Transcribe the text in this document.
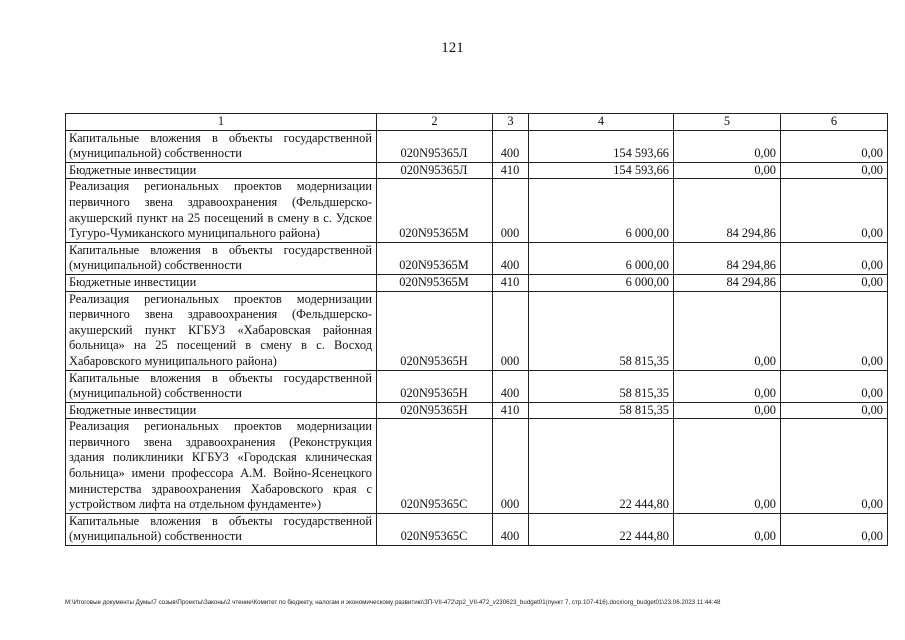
121
1	2	3	4	5	6
Капитальные вложения в объекты государственной (муниципальной) собственности	020N95365Л	400	154 593,66	0,00	0,00
Бюджетные инвестиции	020N95365Л	410	154 593,66	0,00	0,00
Реализация региональных проектов модернизации первичного звена здравоохранения (Фельдшерско-акушерский пункт на 25 посещений в смену в с. Удское Тугуро-Чумиканского муниципального района)	020N95365М	000	6 000,00	84 294,86	0,00
Капитальные вложения в объекты государственной (муниципальной) собственности	020N95365М	400	6 000,00	84 294,86	0,00
Бюджетные инвестиции	020N95365М	410	6 000,00	84 294,86	0,00
Реализация региональных проектов модернизации первичного звена здравоохранения (Фельдшерско-акушерский пункт КГБУЗ «Хабаровская районная больница» на 25 посещений в смену в с. Восход Хабаровского муниципального района)	020N95365Н	000	58 815,35	0,00	0,00
Капитальные вложения в объекты государственной (муниципальной) собственности	020N95365Н	400	58 815,35	0,00	0,00
Бюджетные инвестиции	020N95365Н	410	58 815,35	0,00	0,00
Реализация региональных проектов модернизации первичного звена здравоохранения (Реконструкция здания поликлиники КГБУЗ «Городская клиническая больница» имени профессора А.М. Войно-Ясенецкого министерства здравоохранения Хабаровского края с устройством лифта на отдельном фундаменте»)	020N95365С	000	22 444,80	0,00	0,00
Капитальные вложения в объекты государственной (муниципальной) собственности	020N95365С	400	22 444,80	0,00	0,00
M:\Итоговые документы Думы\7 созыв\Проекты\Законы\2 чтение\Комитет по бюджету, налогам и экономическому развитию\ЗП-VII-472\zp2_VII-472_v230623_budget01(пункт 7, стр.107-416).docx\org_budget01\23.06.2023 11:44:48
